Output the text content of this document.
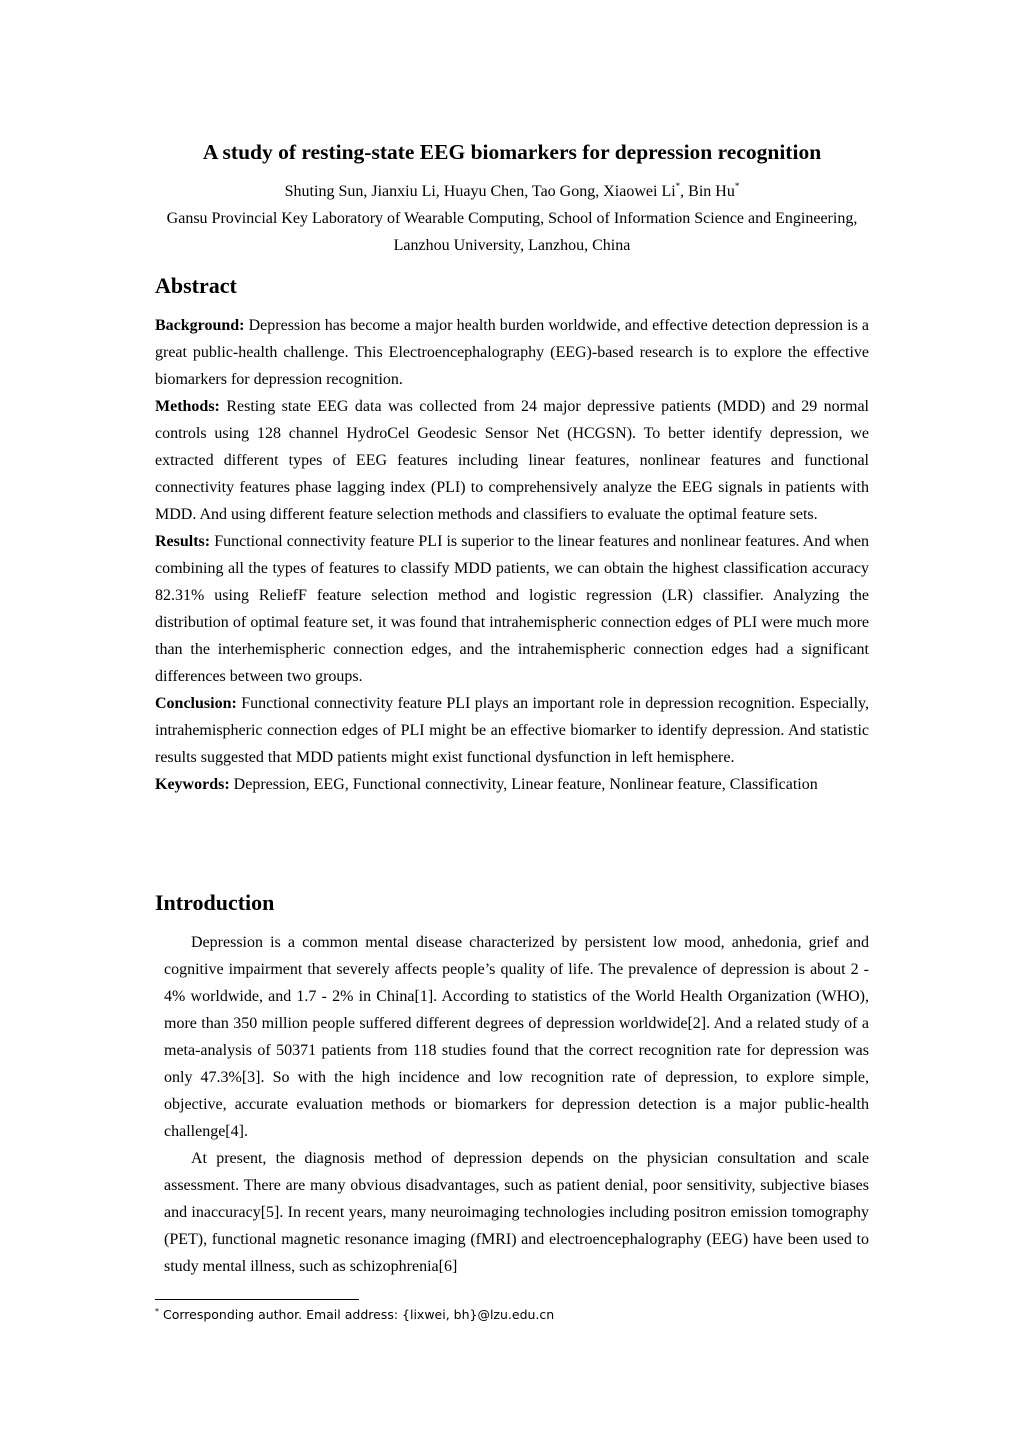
A study of resting-state EEG biomarkers for depression recognition
Shuting Sun, Jianxiu Li, Huayu Chen, Tao Gong, Xiaowei Li*, Bin Hu*
Gansu Provincial Key Laboratory of Wearable Computing, School of Information Science and Engineering, Lanzhou University, Lanzhou, China
Abstract

Background: Depression has become a major health burden worldwide, and effective detection depression is a great public-health challenge. This Electroencephalography (EEG)-based research is to explore the effective biomarkers for depression recognition.

Methods: Resting state EEG data was collected from 24 major depressive patients (MDD) and 29 normal controls using 128 channel HydroCel Geodesic Sensor Net (HCGSN). To better identify depression, we extracted different types of EEG features including linear features, nonlinear features and functional connectivity features phase lagging index (PLI) to comprehensively analyze the EEG signals in patients with MDD. And using different feature selection methods and classifiers to evaluate the optimal feature sets.

Results: Functional connectivity feature PLI is superior to the linear features and nonlinear features. And when combining all the types of features to classify MDD patients, we can obtain the highest classification accuracy 82.31% using ReliefF feature selection method and logistic regression (LR) classifier. Analyzing the distribution of optimal feature set, it was found that intrahemispheric connection edges of PLI were much more than the interhemispheric connection edges, and the intrahemispheric connection edges had a significant differences between two groups.

Conclusion: Functional connectivity feature PLI plays an important role in depression recognition. Especially, intrahemispheric connection edges of PLI might be an effective biomarker to identify depression. And statistic results suggested that MDD patients might exist functional dysfunction in left hemisphere.

Keywords: Depression, EEG, Functional connectivity, Linear feature, Nonlinear feature, Classification

Introduction

Depression is a common mental disease characterized by persistent low mood, anhedonia, grief and cognitive impairment that severely affects people’s quality of life. The prevalence of depression is about 2 - 4% worldwide, and 1.7 - 2% in China[1]. According to statistics of the World Health Organization (WHO), more than 350 million people suffered different degrees of depression worldwide[2]. And a related study of a meta-analysis of 50371 patients from 118 studies found that the correct recognition rate for depression was only 47.3%[3]. So with the high incidence and low recognition rate of depression, to explore simple, objective, accurate evaluation methods or biomarkers for depression detection is a major public-health challenge[4].

At present, the diagnosis method of depression depends on the physician consultation and scale assessment. There are many obvious disadvantages, such as patient denial, poor sensitivity, subjective biases and inaccuracy[5]. In recent years, many neuroimaging technologies including positron emission tomography (PET), functional magnetic resonance imaging (fMRI) and electroencephalography (EEG) have been used to study mental illness, such as schizophrenia[6]

* Corresponding author. Email address: {lixwei, bh}@lzu.edu.cn
